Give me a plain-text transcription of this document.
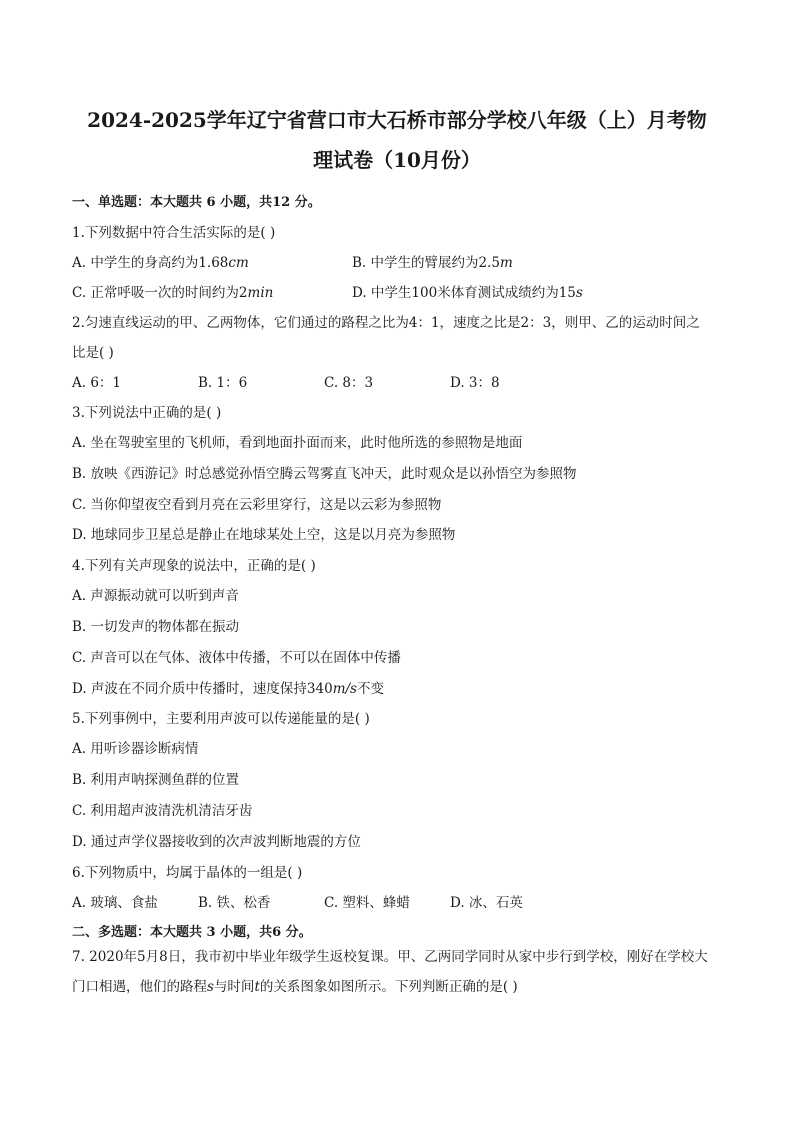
2024-2025学年辽宁省营口市大石桥市部分学校八年级（上）月考物
理试卷（10月份）
一、单选题：本大题共 6 小题，共12 分。

1.下列数据中符合生活实际的是( )

A. 中学生的身高约为1.68cm	B. 中学生的臂展约为2.5m
C. 正常呼吸一次的时间约为2min	D. 中学生100米体育测试成绩约为15s

2.匀速直线运动的甲、乙两物体，它们通过的路程之比为4：1，速度之比是2：3，则甲、乙的运动时间之

比是( )

A. 6：1	B. 1：6	C. 8：3	D. 3：8

3.下列说法中正确的是( )

A. 坐在驾驶室里的飞机师，看到地面扑面而来，此时他所选的参照物是地面
B. 放映《西游记》时总感觉孙悟空腾云驾雾直飞冲天，此时观众是以孙悟空为参照物
C. 当你仰望夜空看到月亮在云彩里穿行，这是以云彩为参照物
D. 地球同步卫星总是静止在地球某处上空，这是以月亮为参照物

4.下列有关声现象的说法中，正确的是( )

A. 声源振动就可以听到声音
B. 一切发声的物体都在振动
C. 声音可以在气体、液体中传播，不可以在固体中传播
D. 声波在不同介质中传播时，速度保持340m/s不变

5.下列事例中，主要利用声波可以传递能量的是( )

A. 用听诊器诊断病情
B. 利用声呐探测鱼群的位置
C. 利用超声波清洗机清洁牙齿
D. 通过声学仪器接收到的次声波判断地震的方位

6.下列物质中，均属于晶体的一组是( )

A. 玻璃、食盐	B. 铁、松香	C. 塑料、蜂蜡	D. 冰、石英
二、多选题：本大题共 3 小题，共6 分。

7. 2020年5月8日，我市初中毕业年级学生返校复课。甲、乙两同学同时从家中步行到学校，刚好在学校大

门口相遇，他们的路程s与时间t的关系图象如图所示。下列判断正确的是( )
